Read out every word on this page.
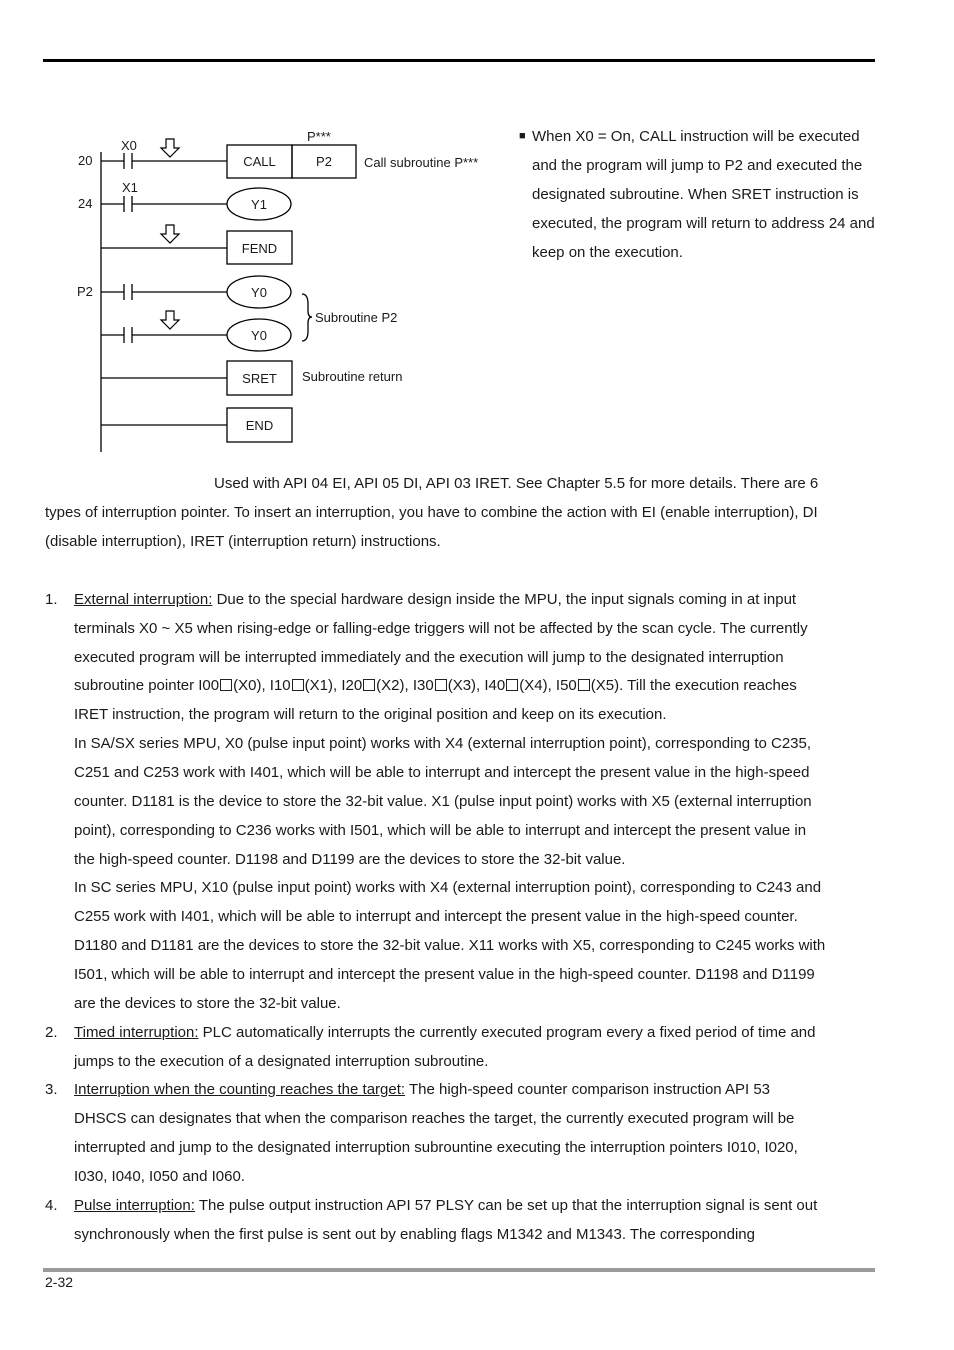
20
24
P2
X0
X1
P***
CALL	P2 Call subroutine P***
Y1
FEND
Y0
Y0
Subroutine P2
SRET Subroutine return
END
■ When X0 = On, CALL instruction will be executed and the program will jump to P2 and executed the designated subroutine. When SRET instruction is executed, the program will return to address 24 and keep on the execution.
Used with API 04 EI, API 05 DI, API 03 IRET. See Chapter 5.5 for more details. There are 6
types of interruption pointer. To insert an interruption, you have to combine the action with EI (enable interruption), DI
(disable interruption), IRET (interruption return) instructions.
1. External interruption: Due to the special hardware design inside the MPU, the input signals coming in at input
terminals X0 ~ X5 when rising-edge or falling-edge triggers will not be affected by the scan cycle. The currently
executed program will be interrupted immediately and the execution will jump to the designated interruption
subroutine pointer I00 (X0), I10 (X1), I20 (X2), I30 (X3), I40 (X4), I50 (X5). Till the execution reaches
IRET instruction, the program will return to the original position and keep on its execution.
In SA/SX series MPU, X0 (pulse input point) works with X4 (external interruption point), corresponding to C235,
C251 and C253 work with I401, which will be able to interrupt and intercept the present value in the high-speed
counter. D1181 is the device to store the 32-bit value. X1 (pulse input point) works with X5 (external interruption
point), corresponding to C236 works with I501, which will be able to interrupt and intercept the present value in
the high-speed counter. D1198 and D1199 are the devices to store the 32-bit value.
In SC series MPU, X10 (pulse input point) works with X4 (external interruption point), corresponding to C243 and
C255 work with I401, which will be able to interrupt and intercept the present value in the high-speed counter.
D1180 and D1181 are the devices to store the 32-bit value. X11 works with X5, corresponding to C245 works with
I501, which will be able to interrupt and intercept the present value in the high-speed counter. D1198 and D1199
are the devices to store the 32-bit value.
2. Timed interruption: PLC automatically interrupts the currently executed program every a fixed period of time and
jumps to the execution of a designated interruption subroutine.
3. Interruption when the counting reaches the target: The high-speed counter comparison instruction API 53
DHSCS can designates that when the comparison reaches the target, the currently executed program will be
interrupted and jump to the designated interruption subrountine executing the interruption pointers I010, I020,
I030, I040, I050 and I060.
4. Pulse interruption: The pulse output instruction API 57 PLSY can be set up that the interruption signal is sent out
synchronously when the first pulse is sent out by enabling flags M1342 and M1343. The corresponding
2-32
